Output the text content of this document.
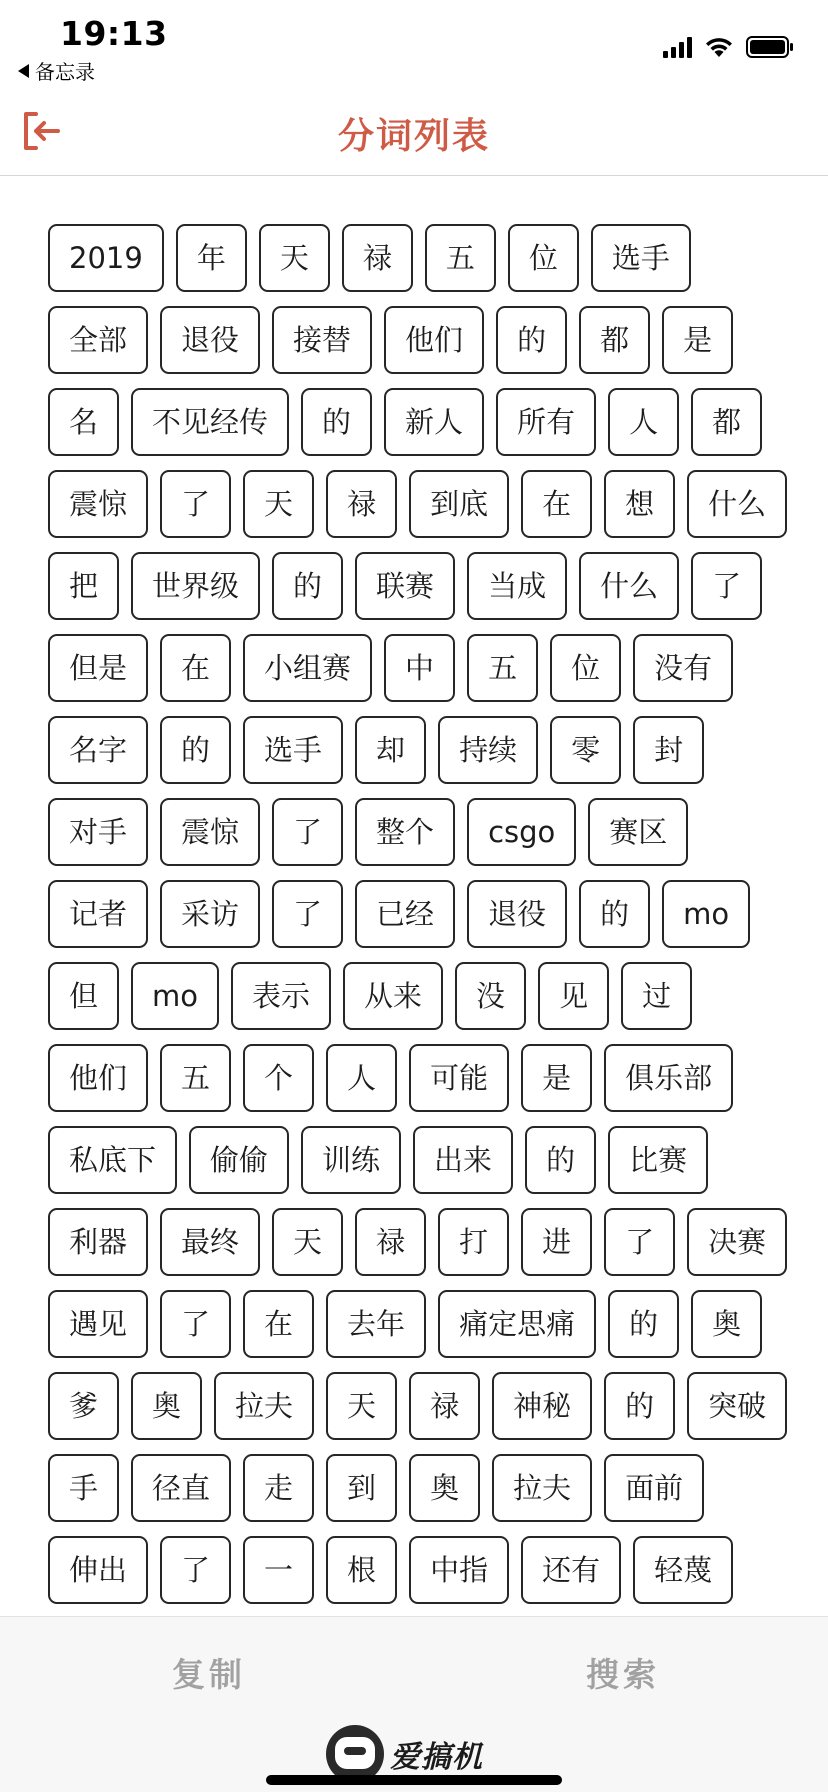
19:13
备忘录
分词列表
2019	年	天	禄	五	位	选手
全部	退役	接替	他们	的	都	是
名	不见经传	的	新人	所有	人	都
震惊	了	天	禄	到底	在	想	什么
把	世界级	的	联赛	当成	什么	了
但是	在	小组赛	中	五	位	没有
名字	的	选手	却	持续	零	封
对手	震惊	了	整个	csgo	赛区
记者	采访	了	已经	退役	的	mo
但	mo	表示	从来	没	见	过
他们	五	个	人	可能	是	俱乐部
私底下	偷偷	训练	出来	的	比赛
利器	最终	天	禄	打	进	了	决赛
遇见	了	在	去年	痛定思痛	的	奥
爹	奥	拉夫	天	禄	神秘	的	突破
手	径直	走	到	奥	拉夫	面前
伸出	了	一	根	中指	还有	轻蔑
复制	搜索
爱搞机
